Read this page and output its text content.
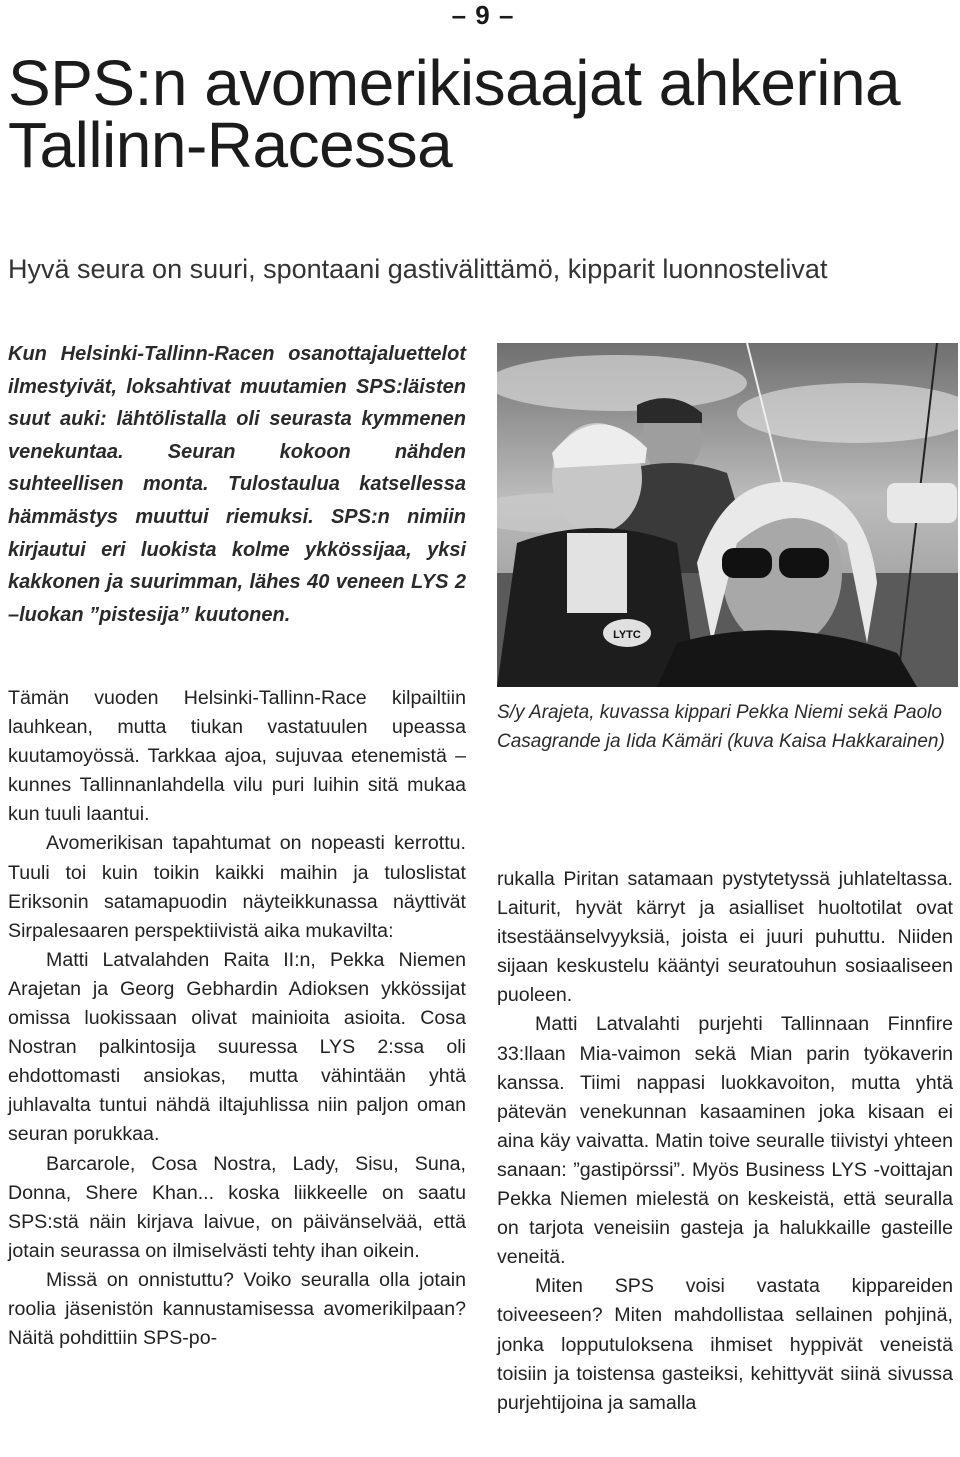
– 9 –
SPS:n avomerikisaajat ahkerina Tallinn-Racessa
Hyvä seura on suuri, spontaani gastivälittämö, kipparit luonnostelivat

Kun Helsinki-Tallinn-Racen osanottajaluettelot ilmestyivät, loksahtivat muutamien SPS:läisten suut auki: lähtölistalla oli seurasta kymmenen venekuntaa. Seuran kokoon nähden suhteellisen monta. Tulostaulua katsellessa hämmästys muuttui riemuksi. SPS:n nimiin kirjautui eri luokista kolme ykkössijaa, yksi kakkonen ja suurimman, lähes 40 veneen LYS 2 –luokan ”pistesija” kuutonen.

LYTC
S/y Arajeta, kuvassa kippari Pekka Niemi sekä Paolo Casagrande ja Iida Kämäri (kuva Kaisa Hakkarainen)

Tämän vuoden Helsinki-Tallinn-Race kilpailtiin lauhkean, mutta tiukan vastatuulen upeassa kuutamoyössä. Tarkkaa ajoa, sujuvaa etenemistä – kunnes Tallinnanlahdella vilu puri luihin sitä mukaa kun tuuli laantui.

Avomerikisan tapahtumat on nopeasti kerrottu. Tuuli toi kuin toikin kaikki maihin ja tuloslistat Eriksonin satamapuodin näyteikkunassa näyttivät Sirpalesaaren perspektiivistä aika mukavilta:

Matti Latvalahden Raita II:n, Pekka Niemen Arajetan ja Georg Gebhardin Adioksen ykkössijat omissa luokissaan olivat mainioita asioita. Cosa Nostran palkintosija suuressa LYS 2:ssa oli ehdottomasti ansiokas, mutta vähintään yhtä juhlavalta tuntui nähdä iltajuhlissa niin paljon oman seuran porukkaa.

Barcarole, Cosa Nostra, Lady, Sisu, Suna, Donna, Shere Khan... koska liikkeelle on saatu SPS:stä näin kirjava laivue, on päivänselvää, että jotain seurassa on ilmiselvästi tehty ihan oikein.

Missä on onnistuttu? Voiko seuralla olla jotain roolia jäsenistön kannustamisessa avomerikilpaan? Näitä pohdittiin SPS-po-

rukalla Piritan satamaan pystytetyssä juhlateltassa. Laiturit, hyvät kärryt ja asialliset huoltotilat ovat itsestäänselvyyksiä, joista ei juuri puhuttu. Niiden sijaan keskustelu kääntyi seuratouhun sosiaaliseen puoleen.

Matti Latvalahti purjehti Tallinnaan Finnfire 33:llaan Mia-vaimon sekä Mian parin työkaverin kanssa. Tiimi nappasi luokkavoiton, mutta yhtä pätevän venekunnan kasaaminen joka kisaan ei aina käy vaivatta. Matin toive seuralle tiivistyi yhteen sanaan: ”gastipörssi”. Myös Business LYS -voittajan Pekka Niemen mielestä on keskeistä, että seuralla on tarjota veneisiin gasteja ja halukkaille gasteille veneitä.

Miten SPS voisi vastata kippareiden toiveeseen? Miten mahdollistaa sellainen pohjinä, jonka lopputuloksena ihmiset hyppivät veneistä toisiin ja toistensa gasteiksi, kehittyvät siinä sivussa purjehtijoina ja samalla
